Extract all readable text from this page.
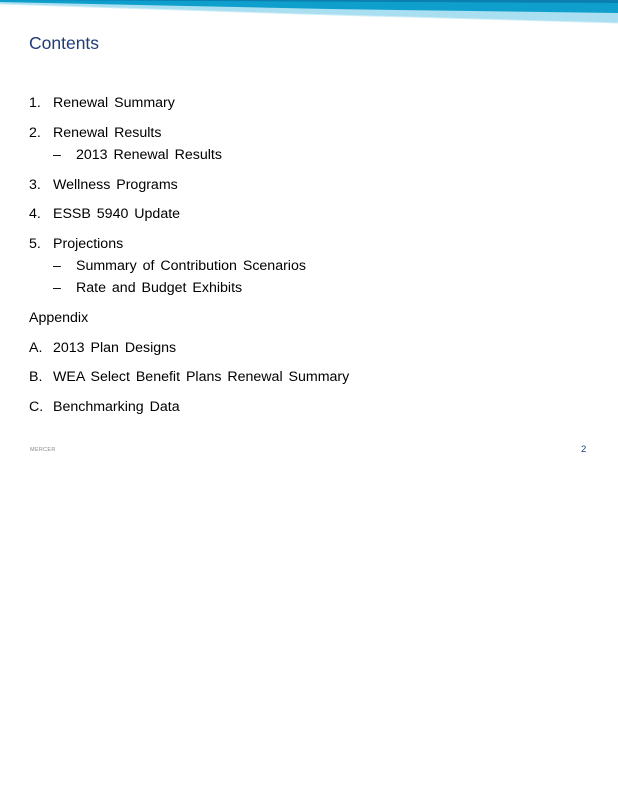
Contents
1. Renewal Summary
2. Renewal Results
– 2013 Renewal Results
3. Wellness Programs
4. ESSB 5940 Update
5. Projections
– Summary of Contribution Scenarios
– Rate and Budget Exhibits
Appendix
A. 2013 Plan Designs
B. WEA Select Benefit Plans Renewal Summary
C. Benchmarking Data
MERCER	2
